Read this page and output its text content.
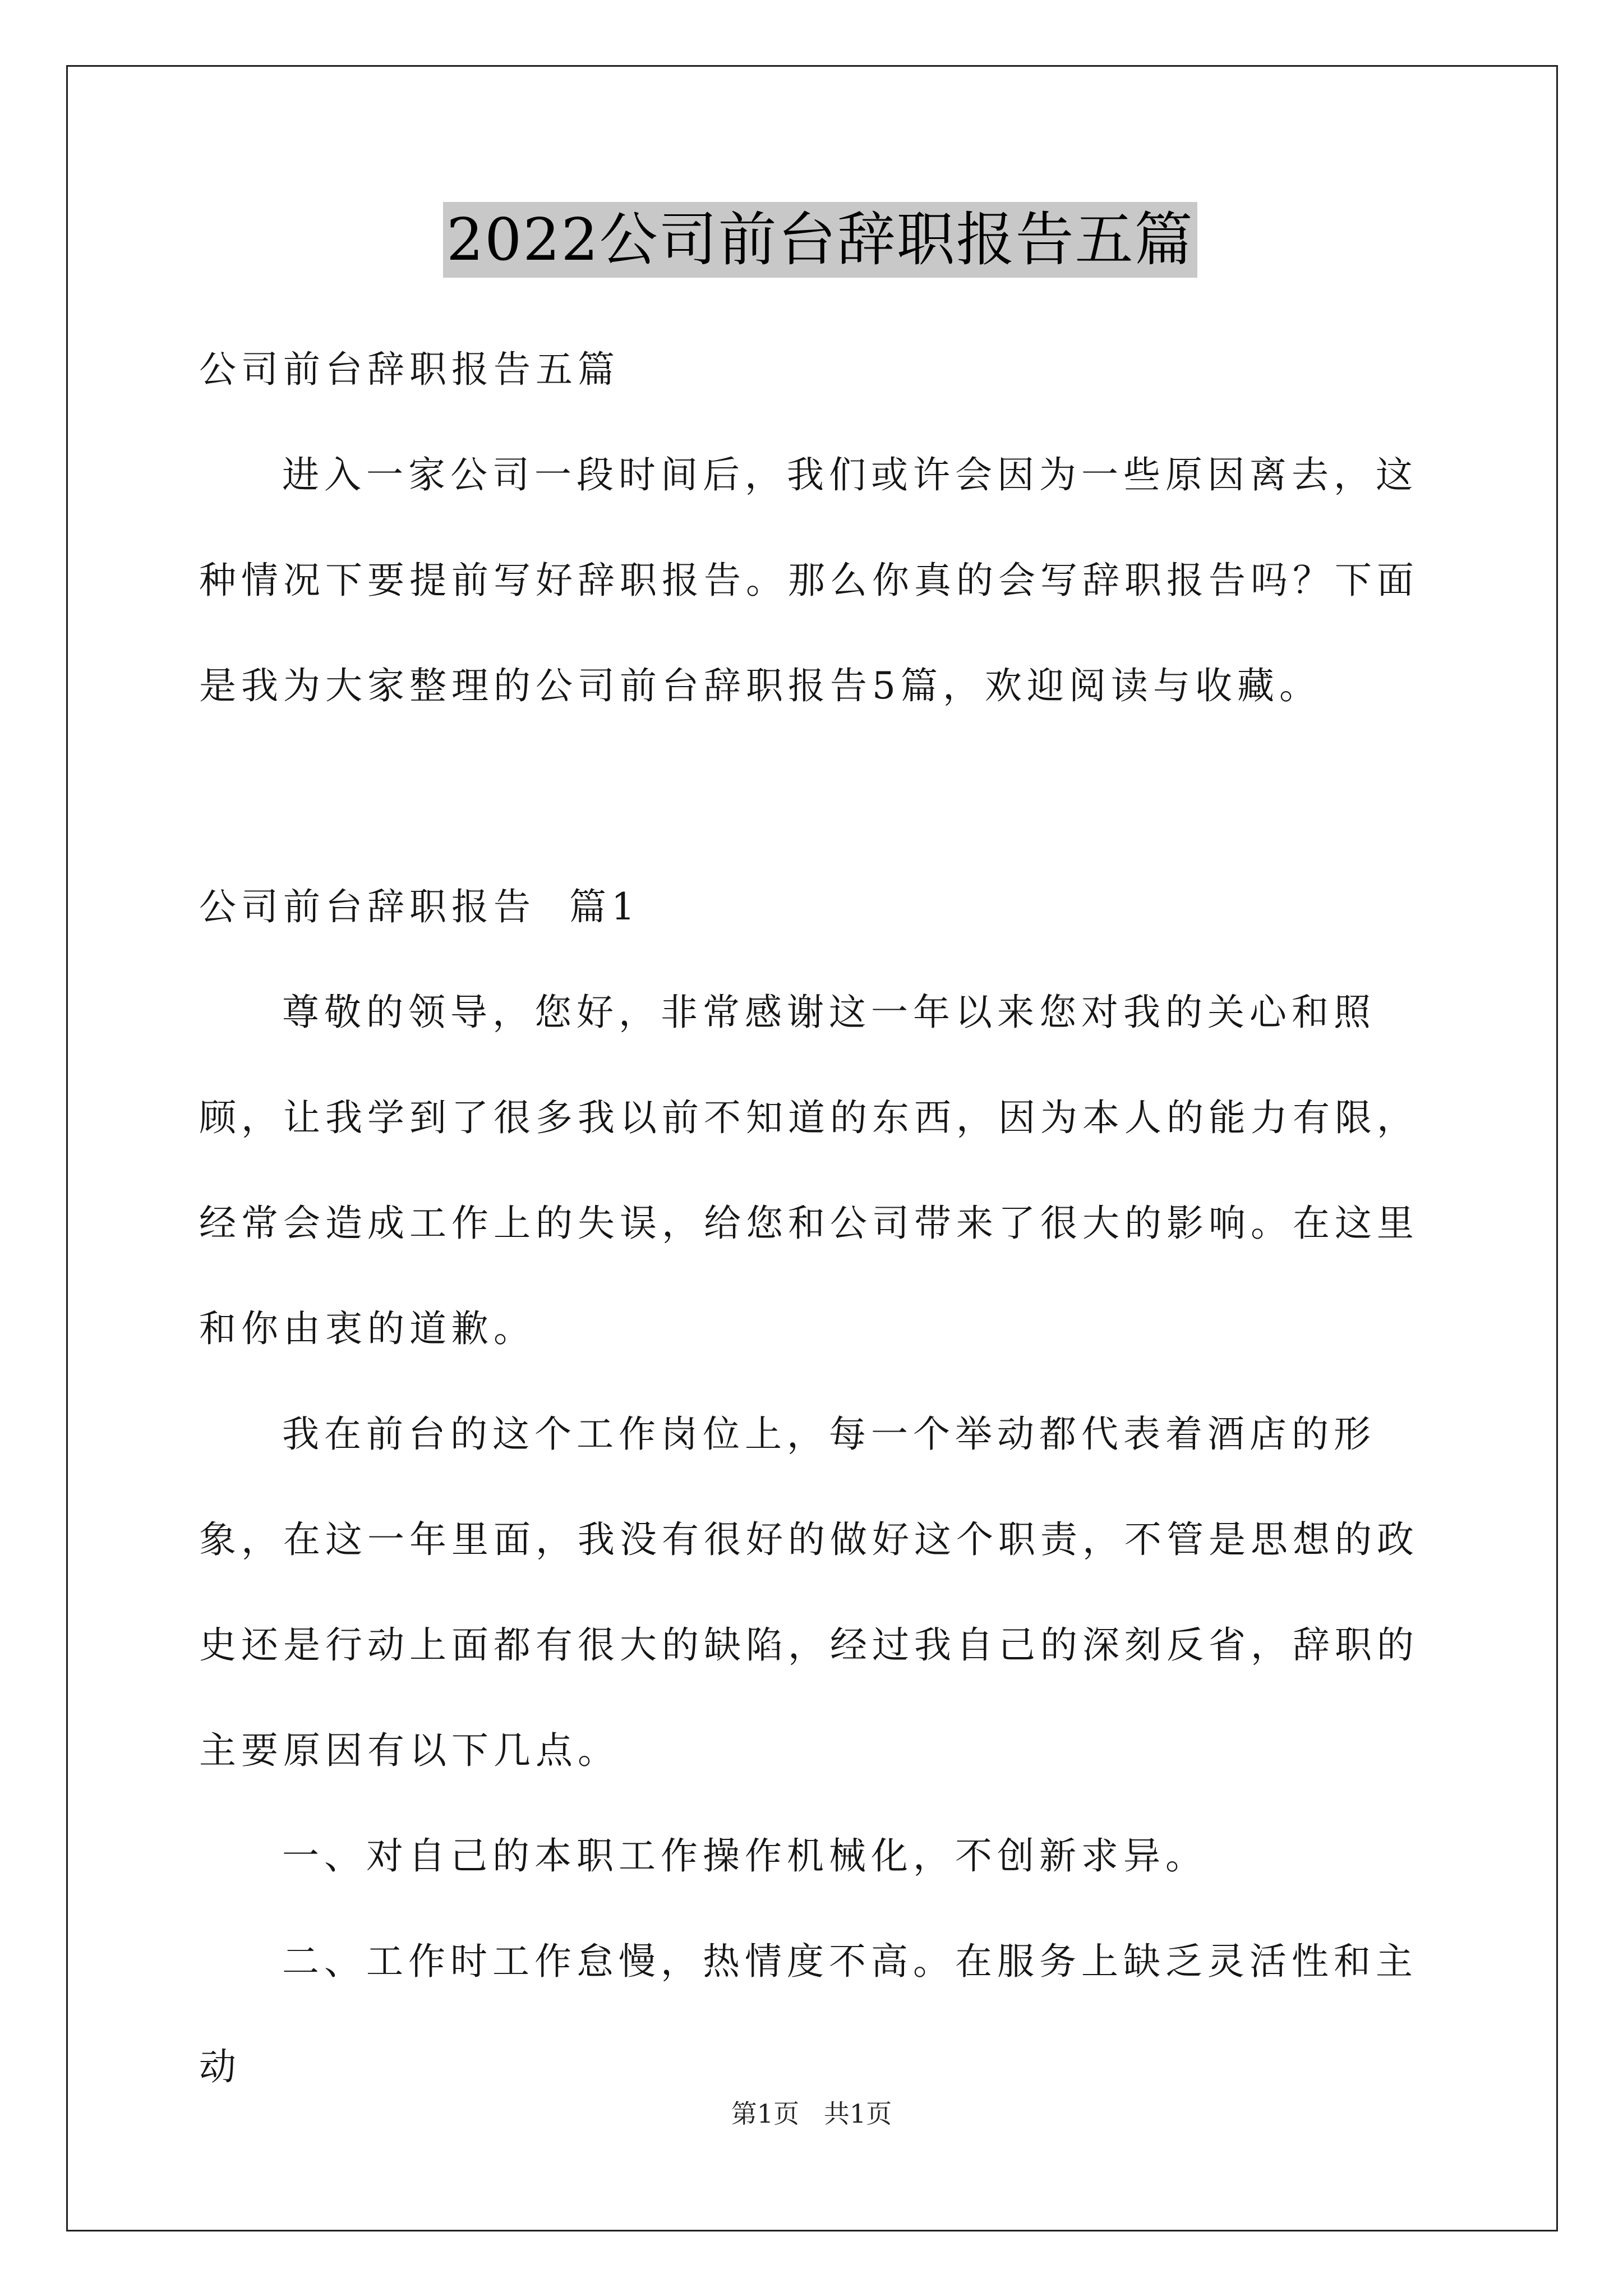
2022公司前台辞职报告五篇

公司前台辞职报告五篇

进入一家公司一段时间后，我们或许会因为一些原因离去，这种情况下要提前写好辞职报告。那么你真的会写辞职报告吗？下面是我为大家整理的公司前台辞职报告5篇，欢迎阅读与收藏。

公司前台辞职报告  篇1

尊敬的领导，您好，非常感谢这一年以来您对我的关心和照顾，让我学到了很多我以前不知道的东西，因为本人的能力有限，经常会造成工作上的失误，给您和公司带来了很大的影响。在这里和你由衷的道歉。

我在前台的这个工作岗位上，每一个举动都代表着酒店的形象，在这一年里面，我没有很好的做好这个职责，不管是思想的政史还是行动上面都有很大的缺陷，经过我自己的深刻反省，辞职的主要原因有以下几点。

一、对自己的本职工作操作机械化，不创新求异。

二、工作时工作怠慢，热情度不高。在服务上缺乏灵活性和主动

第1页   共1页
